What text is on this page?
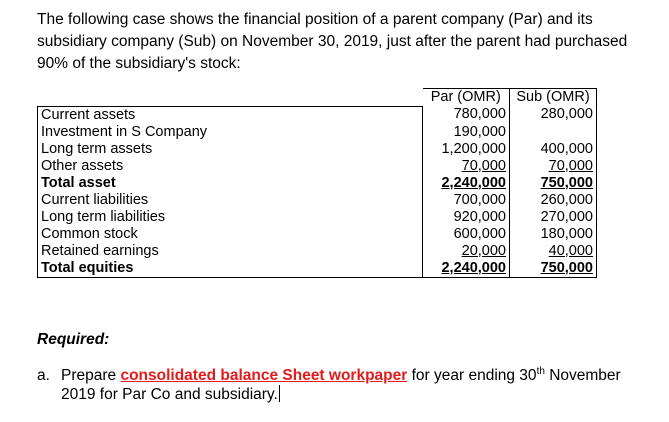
The following case shows the financial position of a parent company (Par) and its subsidiary company (Sub) on November 30, 2019, just after the parent had purchased 90% of the subsidiary's stock:

	Par (OMR)	Sub (OMR)
Current assets	780,000	280,000
Investment in S Company	190,000	
Long term assets	1,200,000	400,000
Other assets	70,000	70,000
Total asset	2,240,000	750,000
Current liabilities	700,000	260,000
Long term liabilities	920,000	270,000
Common stock	600,000	180,000
Retained earnings	20,000	40,000
Total equities	2,240,000	750,000

Required:

a. Prepare consolidated balance Sheet workpaper for year ending 30th November 2019 for Par Co and subsidiary.
